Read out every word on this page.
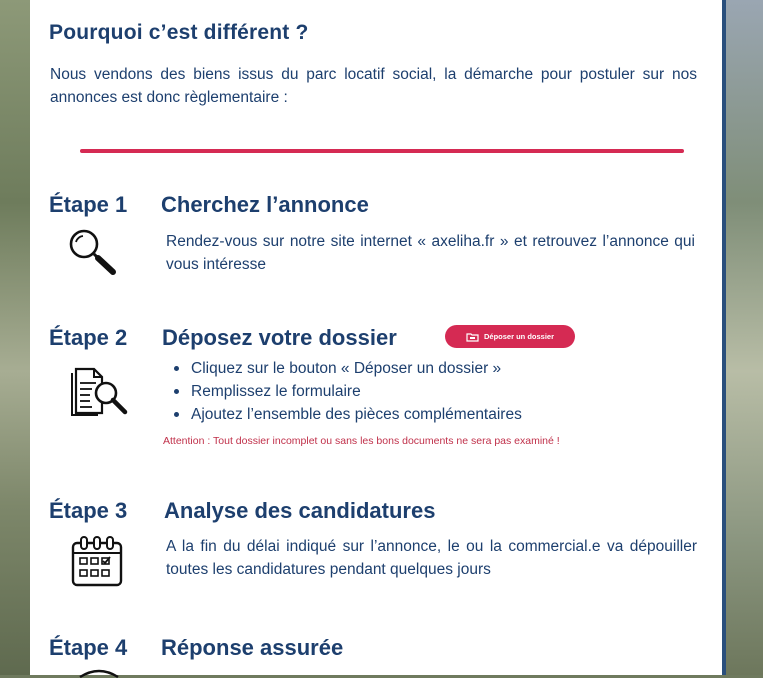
Pourquoi c’est différent ?
Nous vendons des biens issus du parc locatif social, la démarche pour postuler sur nos annonces est donc règlementaire :
Étape 1 Cherchez l’annonce
Rendez-vous sur notre site internet « axeliha.fr » et retrouvez l’annonce qui vous intéresse
Étape 2 Déposez votre dossier	Déposer un dossier
Cliquez sur le bouton « Déposer un dossier »
Remplissez le formulaire
Ajoutez l’ensemble des pièces complémentaires
Attention : Tout dossier incomplet ou sans les bons documents ne sera pas examiné !
Étape 3 Analyse des candidatures
A la fin du délai indiqué sur l’annonce, le ou la commercial.e va dépouiller toutes les candidatures pendant quelques jours
Étape 4 Réponse assurée
